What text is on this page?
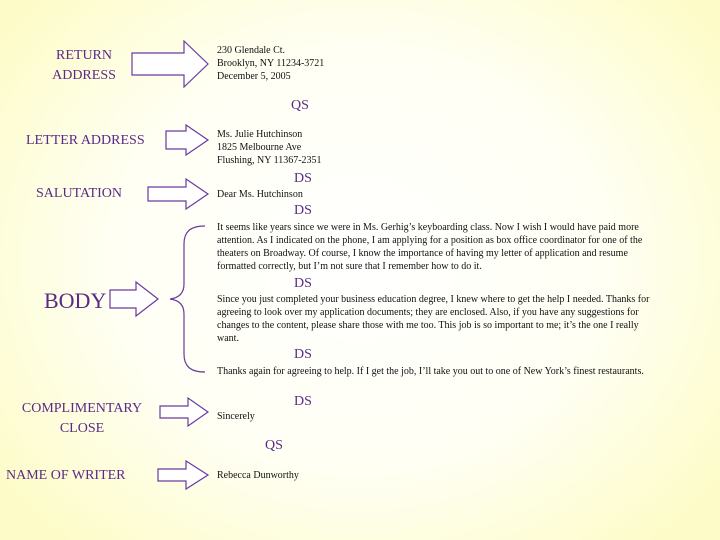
RETURN
ADDRESS
LETTER ADDRESS
SALUTATION
BODY
COMPLIMENTARY
CLOSE
NAME OF WRITER
230 Glendale Ct.
Brooklyn, NY 11234-3721
December 5, 2005
QS
Ms. Julie Hutchinson
1825 Melbourne Ave
Flushing, NY 11367-2351
DS
Dear Ms. Hutchinson
DS
It seems like years since we were in Ms. Gerhig’s keyboarding class. Now I wish I would have paid more attention. As I indicated on the phone, I am applying for a position as box office coordinator for one of the theaters on Broadway. Of course, I know the importance of having my letter of application and resume formatted correctly, but I’m not sure that I remember how to do it.
DS
Since you just completed your business education degree, I knew where to get the help I needed. Thanks for agreeing to look over my application documents; they are enclosed. Also, if you have any suggestions for changes to the content, please share those with me too. This job is so important to me; it’s the one I really want.
DS
Thanks again for agreeing to help. If I get the job, I’ll take you out to one of New York’s finest restaurants.
DS
Sincerely
QS
Rebecca Dunworthy
